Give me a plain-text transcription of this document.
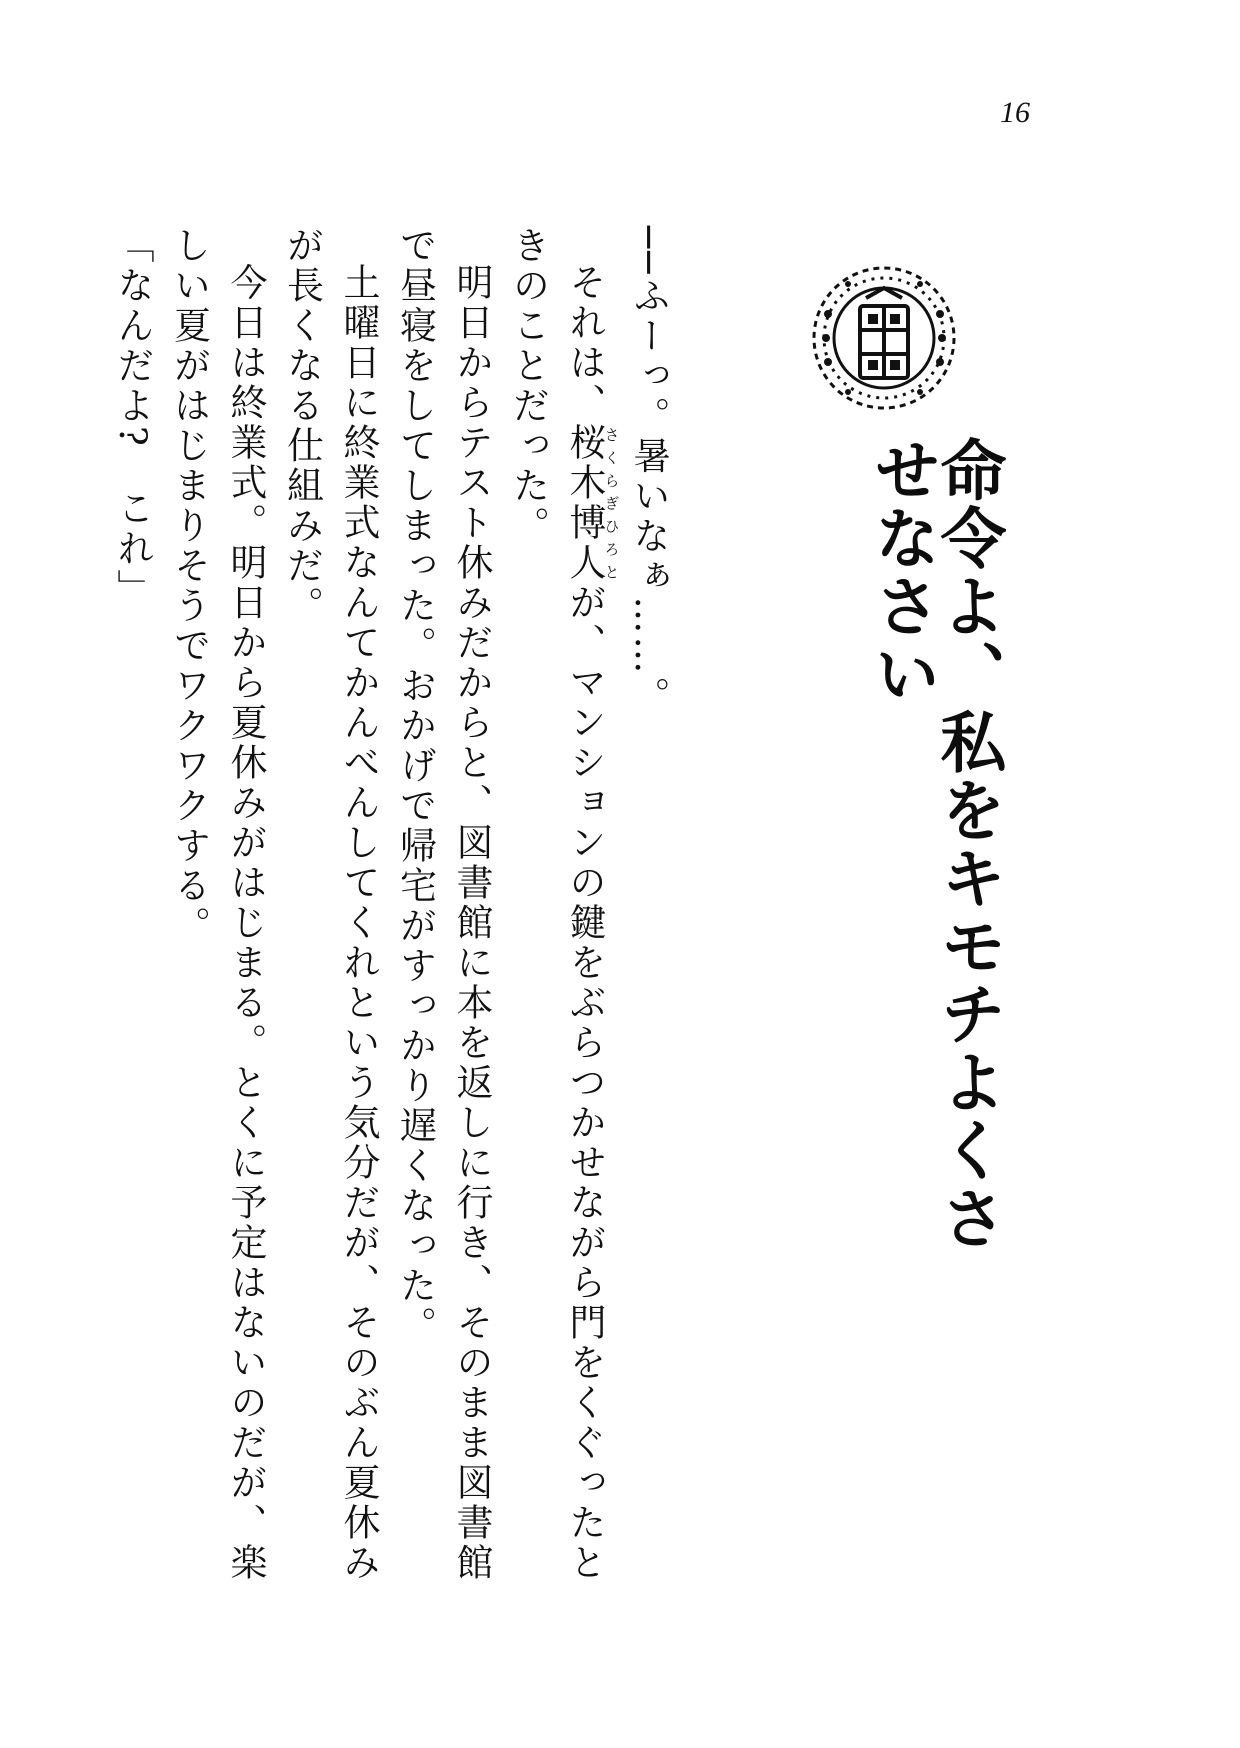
16
命令よ、私をキモチよくさせなさい

──ふーっ。暑いなぁ……。

それは、桜木博人さくらぎひろとが、マンションの鍵をぶらつかせながら門をくぐったときのことだった。

明日からテスト休みだからと、図書館に本を返しに行き、そのまま図書館で昼寝をしてしまった。おかげで帰宅がすっかり遅くなった。

土曜日に終業式なんてかんべんしてくれという気分だが、そのぶん夏休みが長くなる仕組みだ。

今日は終業式。明日から夏休みがはじまる。とくに予定はないのだが、楽しい夏がはじまりそうでワクワクする。

「なんだよ?　これ」
